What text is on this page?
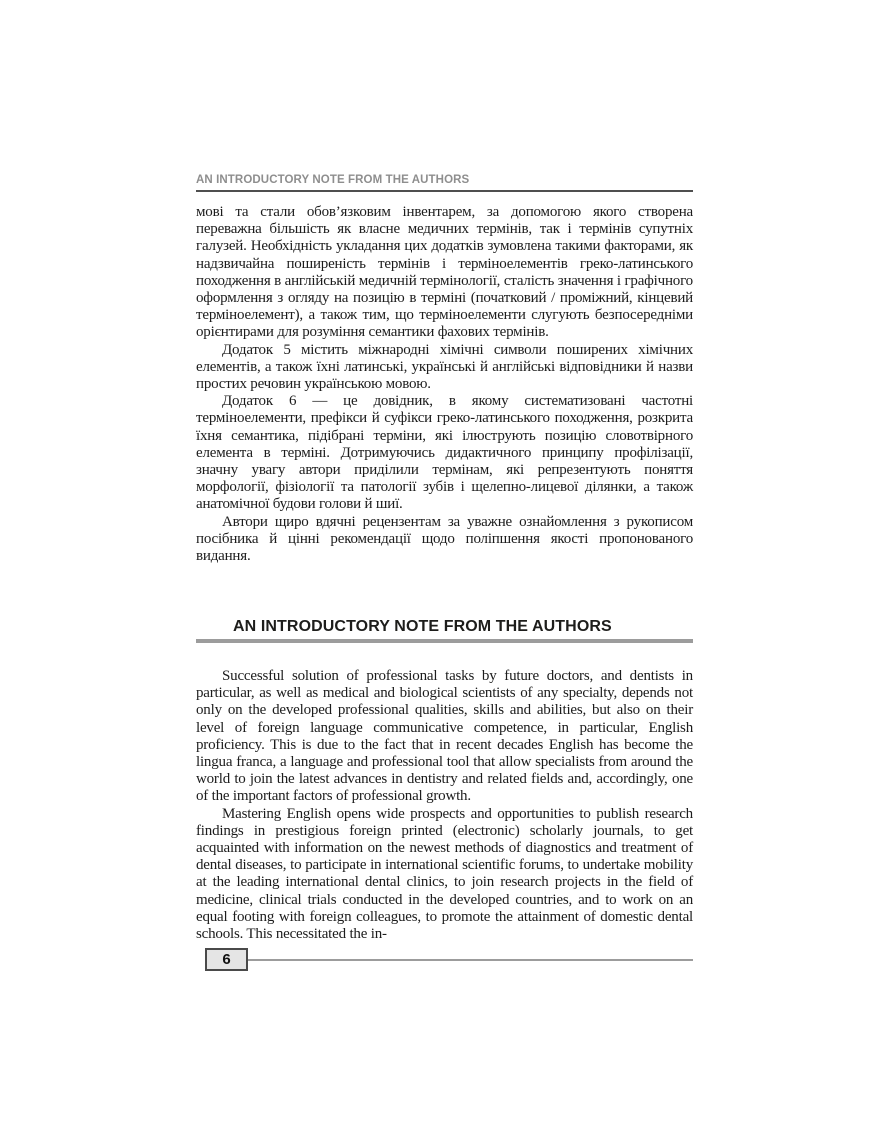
AN INTRODUCTORY NOTE FROM THE AUTHORS

мові та стали обов’язковим інвентарем, за допомогою якого створена переважна більшість як власне медичних термінів, так і термінів супутніх галузей. Необхідність укладання цих додатків зумовлена такими факторами, як надзвичайна поширеність термінів і терміноелементів греко-латинського походження в англійській медичній термінології, сталість значення і графічного оформлення з огляду на позицію в терміні (початковий / проміжний, кінцевий терміноелемент), а також тим, що терміноелементи слугують безпосередніми орієнтирами для розуміння семантики фахових термінів.

Додаток 5 містить міжнародні хімічні символи поширених хімічних елементів, а також їхні латинські, українські й англійські відповідники й назви простих речовин українською мовою.

Додаток 6 — це довідник, в якому систематизовані частотні терміноелементи, префікси й суфікси греко-латинського походження, розкрита їхня семантика, підібрані терміни, які ілюструють позицію словотвірного елемента в терміні. Дотримуючись дидактичного принципу профілізації, значну увагу автори приділили термінам, які репрезентують поняття морфології, фізіології та патології зубів і щелепно-лицевої ділянки, а також анатомічної будови голови й шиї.

Автори щиро вдячні рецензентам за уважне ознайомлення з рукописом посібника й цінні рекомендації щодо поліпшення якості пропонованого видання.

AN INTRODUCTORY NOTE FROM THE AUTHORS

Successful solution of professional tasks by future doctors, and dentists in particular, as well as medical and biological scientists of any specialty, depends not only on the developed professional qualities, skills and abilities, but also on their level of foreign language communicative competence, in particular, English proficiency. This is due to the fact that in recent decades English has become the lingua franca, a language and professional tool that allow specialists from around the world to join the latest advances in dentistry and related fields and, accordingly, one of the important factors of professional growth.

Mastering English opens wide prospects and opportunities to publish research findings in prestigious foreign printed (electronic) scholarly journals, to get acquainted with information on the newest methods of diagnostics and treatment of dental diseases, to participate in international scientific forums, to undertake mobility at the leading international dental clinics, to join research projects in the field of medicine, clinical trials conducted in the developed countries, and to work on an equal footing with foreign colleagues, to promote the attainment of domestic dental schools. This necessitated the in-

6
